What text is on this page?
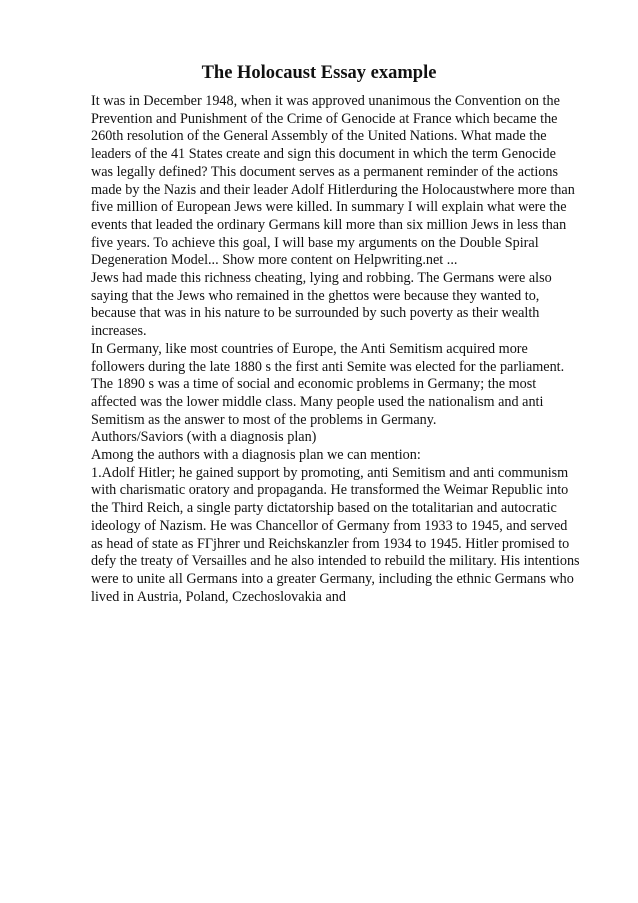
The Holocaust Essay example
It was in December 1948, when it was approved unanimous the Convention on the
Prevention and Punishment of the Crime of Genocide at France which became the
260th resolution of the General Assembly of the United Nations. What made the
leaders of the 41 States create and sign this document in which the term Genocide
was legally defined? This document serves as a permanent reminder of the actions
made by the Nazis and their leader Adolf Hitlerduring the Holocaustwhere more than
five million of European Jews were killed. In summary I will explain what were the
events that leaded the ordinary Germans kill more than six million Jews in less than
five years. To achieve this goal, I will base my arguments on the Double Spiral
Degeneration Model... Show more content on Helpwriting.net ...
Jews had made this richness cheating, lying and robbing. The Germans were also
saying that the Jews who remained in the ghettos were because they wanted to,
because that was in his nature to be surrounded by such poverty as their wealth
increases.
In Germany, like most countries of Europe, the Anti Semitism acquired more
followers during the late 1880 s the first anti Semite was elected for the parliament.
The 1890 s was a time of social and economic problems in Germany; the most
affected was the lower middle class. Many people used the nationalism and anti
Semitism as the answer to most of the problems in Germany.
Authors/Saviors (with a diagnosis plan)
Among the authors with a diagnosis plan we can mention:
1.Adolf Hitler; he gained support by promoting, anti Semitism and anti communism
with charismatic oratory and propaganda. He transformed the Weimar Republic into
the Third Reich, a single party dictatorship based on the totalitarian and autocratic
ideology of Nazism. He was Chancellor of Germany from 1933 to 1945, and served
as head of state as FГјhrer und Reichskanzler from 1934 to 1945. Hitler promised to
defy the treaty of Versailles and he also intended to rebuild the military. His intentions
were to unite all Germans into a greater Germany, including the ethnic Germans who
lived in Austria, Poland, Czechoslovakia and
